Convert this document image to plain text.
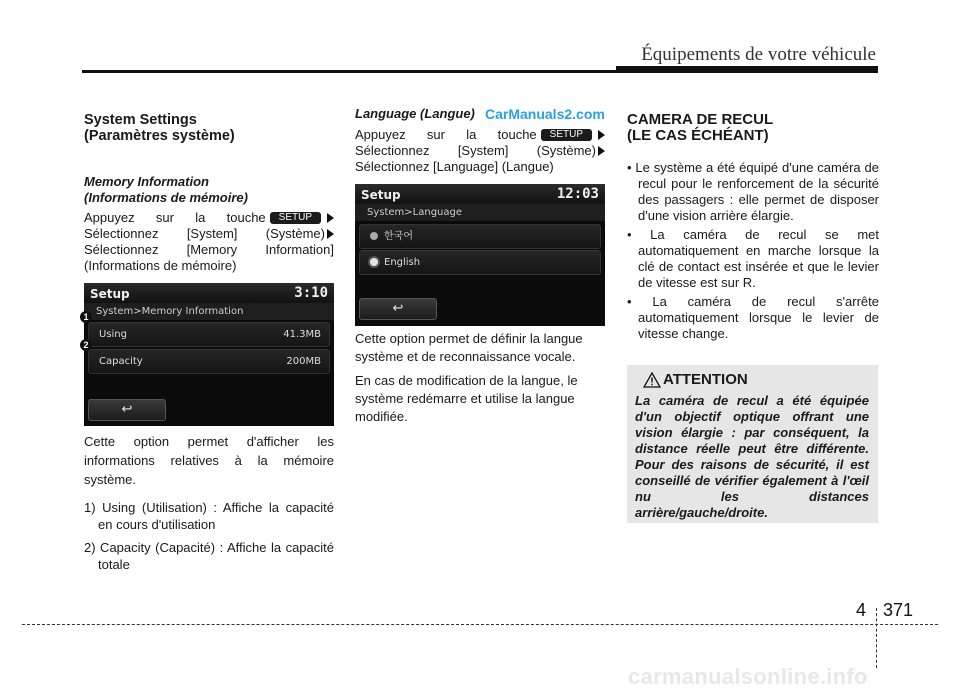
Équipements de votre véhicule
System Settings
(Paramètres système)
Memory Information
(Informations de mémoire)
Appuyez sur la touche	SETUP
Sélectionnez [System] (Système)
Sélectionnez [Memory Information]
(Informations de mémoire)
Setup	3:10
System>Memory Information
Using	41.3MB
Capacity	200MB
↩
Cette option permet d'afficher les informations relatives à la mémoire système.
1) Using (Utilisation) : Affiche la capacité en cours d'utilisation
2) Capacity (Capacité) : Affiche la capacité totale
1
2
Language (Langue) CarManuals2.com
Appuyez sur la touche	SETUP
Sélectionnez [System] (Système)
Sélectionnez [Language] (Langue)
Setup	12:03
System>Language
한국어
English
↩
Cette option permet de définir la langue système et de reconnaissance vocale.
En cas de modification de la langue, le système redémarre et utilise la langue modifiée.
CAMERA DE RECUL
(LE CAS ÉCHÉANT)
• Le système a été équipé d'une caméra de recul pour le renforcement de la sécurité des passagers : elle permet de disposer d'une vision arrière élargie.
• La caméra de recul se met automatiquement en marche lorsque la clé de contact est insérée et que le levier de vitesse est sur R.
• La caméra de recul s'arrête automatiquement lorsque le levier de vitesse change.
ATTENTION
La caméra de recul a été équipée d'un objectif optique offrant une vision élargie : par conséquent, la distance réelle peut être différente. Pour des raisons de sécurité, il est conseillé de vérifier également à l'œil nu les distances arrière/gauche/droite.
4 371
carmanualsonline.info
